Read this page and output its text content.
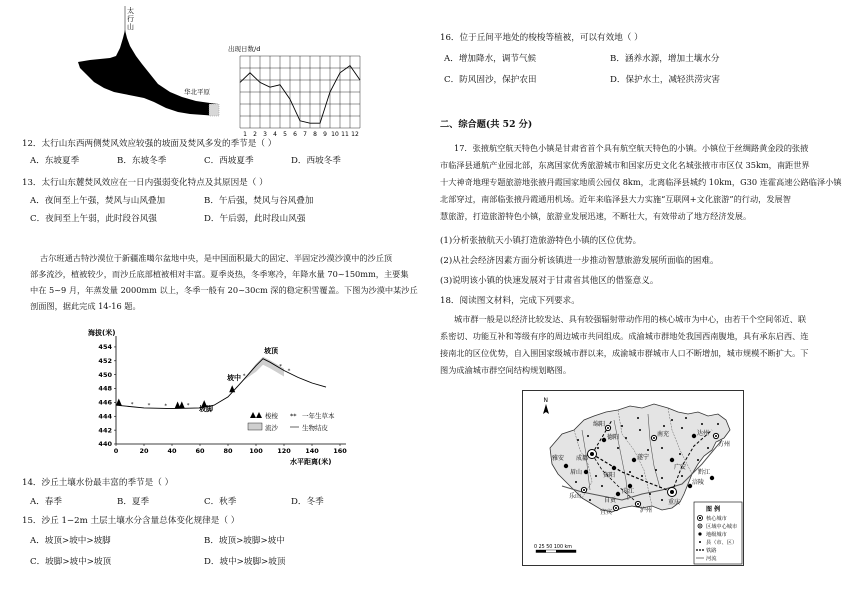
太
行
山
黄土高原
华北平原
出现日数/d
1 2 3 4 5 6 7 8 9 10 11 12
12．太行山东西两侧焚风效应较强的坡面及焚风多发的季节是（ ）
A．东坡夏季	B．东坡冬季	C．西坡夏季	D．西坡冬季
13．太行山东麓焚风效应在一日内强弱变化特点及其原因是（ ）
A．夜间至上午强，焚风与山风叠加	B．午后强，焚风与谷风叠加
C．夜间至上午弱，此时段谷风强	D．午后弱，此时段山风强
古尔班通古特沙漠位于新疆准噶尔盆地中央，是中国面积最大的固定、半固定沙漠沙漠中的沙丘顶
部多流沙，植被较少，而沙丘底部植被相对丰富。夏季炎热，冬季寒冷，年降水量 70~150mm，主要集
中在 5~9 月，年蒸发量 2000mm 以上，冬季一般有 20~30cm 深的稳定积雪覆盖。下图为沙漠中某沙丘
剖面图，据此完成 14-16 题。
海拔(米)
440
442
444
446
448
450
452
454
0	20	40	60	80	100 120 140 160
*	*	*	*
*
*
*
坡顶
坡中
坡脚
梭梭 ** 一年生草本
流沙	生物结皮
水平距离(米)
14．沙丘土壤水份最丰富的季节是（ ）
A．春季	B．夏季	C．秋季	D．冬季
15．沙丘 1−2m 土层土壤水分含量总体变化规律是（ ）
A．坡顶>坡中>坡脚	B．坡顶>坡脚>坡中
C．坡脚>坡中>坡顶	D．坡中>坡脚>坡顶
16．位于丘间平地处的梭梭等植被，可以有效地（ ）
A．增加降水，调节气候	B．涵养水源，增加土壤水分
C．防风固沙，保护农田	D．保护水土，减轻洪涝灾害
二、综合题(共 52 分)
17．张掖航空航天特色小镇是甘肃省首个具有航空航天特色的小镇。小镇位于丝绸路黄金段的张掖
市临泽县通航产业园北部，东离国家优秀旅游城市和国家历史文化名城张掖市市区仅 35km，南距世界
十大神奇地理专题旅游地张掖丹霞国家地质公园仅 8km，北离临泽县城约 10km，G30 连霍高速公路临泽小镇
北部穿过，南部临张掖丹霞通用机场。近年来临泽县大力实施“互联网+文化旅游”的行动，发展智
慧旅游，打造旅游特色小镇，旅游业发展迅速，不断壮大，有效带动了地方经济发展。
(1)分析张掖航天小镇打造旅游特色小镇的区位优势。
(2)从社会经济因素方面分析该镇进一步推动智慧旅游发展所面临的困难。
(3)说明该小镇的快速发展对于甘肃省其他区的借鉴意义。
18．阅读图文材料，完成下列要求。
城市群一般是以经济比较发达、具有较强辐射带动作用的核心城市为中心，由若干个空间邻近、联
系密切、功能互补和等级有序的周边城市共同组成。成渝城市群地处我国西南腹地，具有承东启西、连
接南北的区位优势，自入围国家级城市群以来，成渝城市群城市人口不断增加，城市规模不断扩大。下
图为成渝城市群空间结构规划略图。
N
成都
重庆
绵阳
德阳
遂宁
南充	达州
广安
眉山	资阳
内江
乐山
自贡
宜宾	泸州
雅安
万州
涪陵
黔江
图 例
核心城市
区域中心城市
地级城市
县（市、区）
铁路
河流
0 25 50 100 km
